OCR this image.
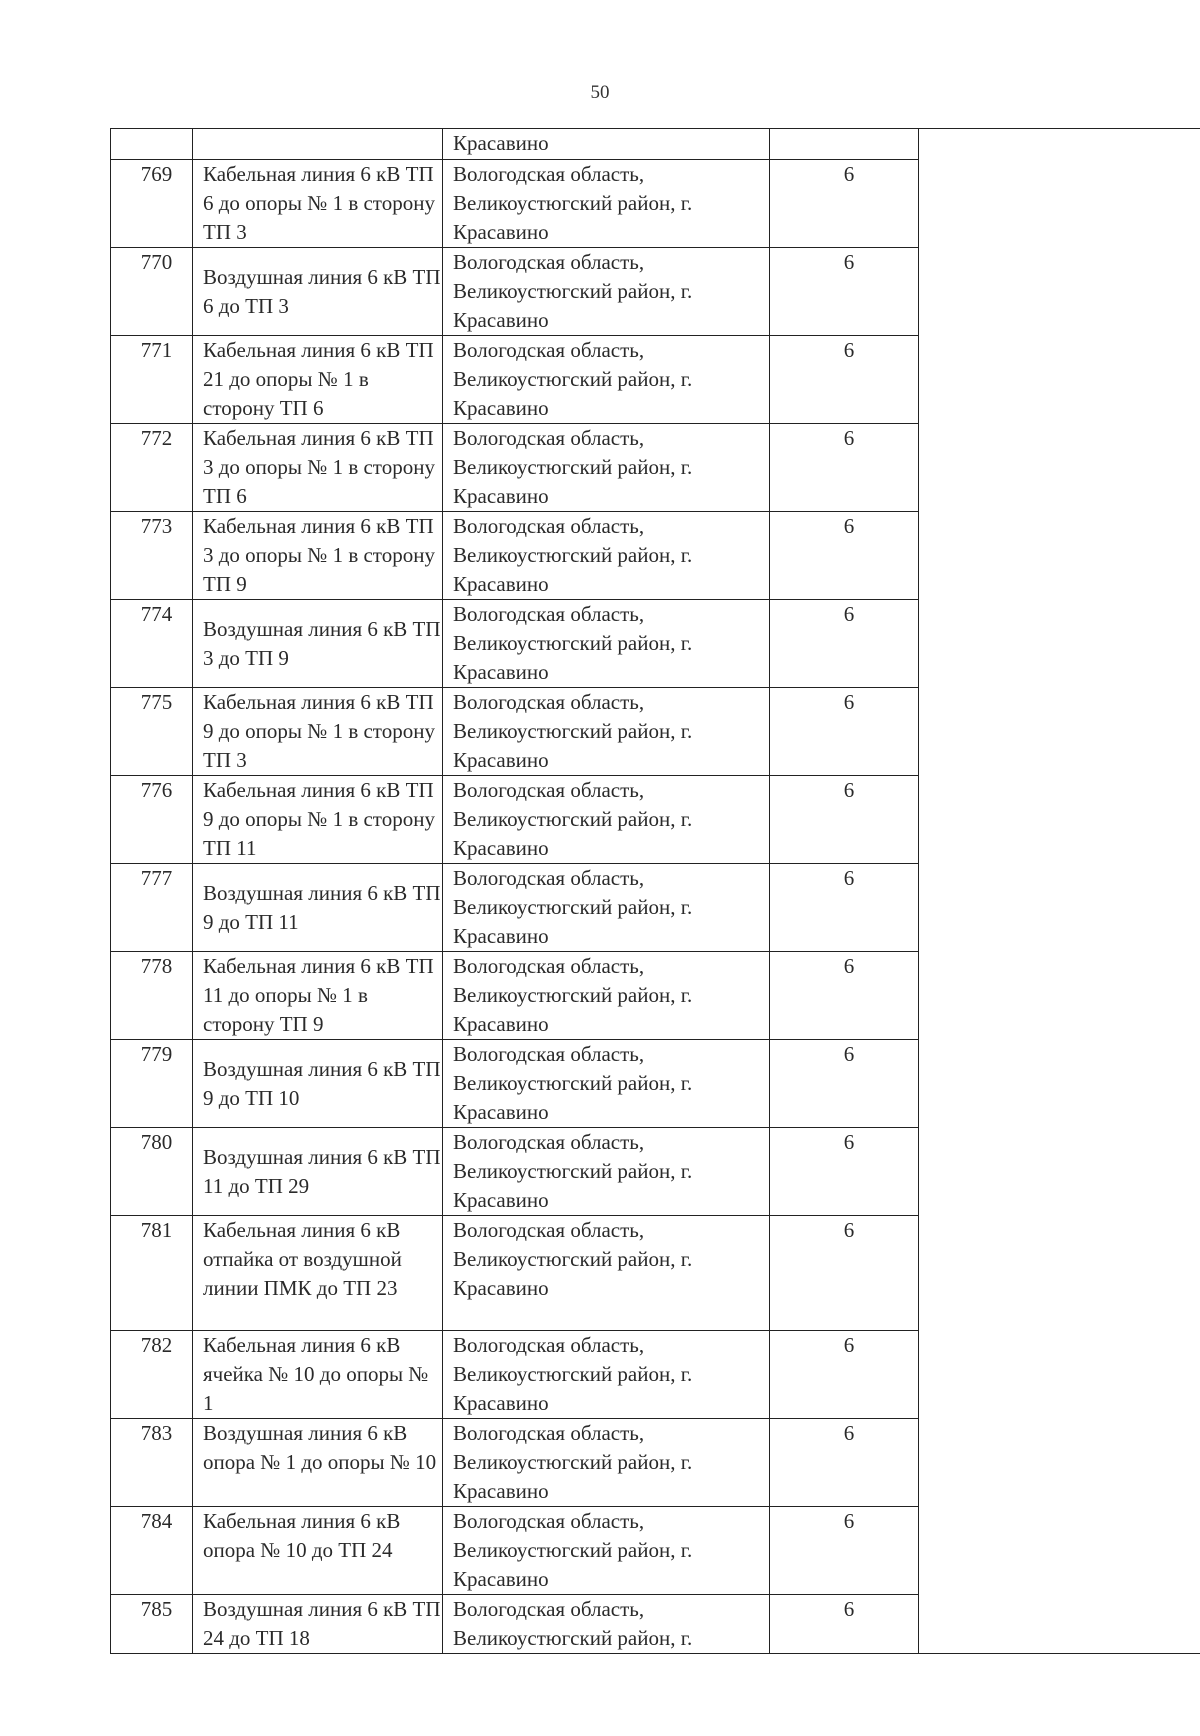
50
		Красавино		
769	Кабельная линия 6 кВ ТП 6 до опоры № 1 в сторону ТП 3	Вологодская область, Великоустюгский район, г. Красавино	6	
770	Воздушная линия 6 кВ ТП 6 до ТП 3	Вологодская область, Великоустюгский район, г. Красавино	6	
771	Кабельная линия 6 кВ ТП 21 до опоры № 1 в сторону ТП 6	Вологодская область, Великоустюгский район, г. Красавино	6	
772	Кабельная линия 6 кВ ТП 3 до опоры № 1 в сторону ТП 6	Вологодская область, Великоустюгский район, г. Красавино	6	
773	Кабельная линия 6 кВ ТП 3 до опоры № 1 в сторону ТП 9	Вологодская область, Великоустюгский район, г. Красавино	6	
774	Воздушная линия 6 кВ ТП 3 до ТП 9	Вологодская область, Великоустюгский район, г. Красавино	6	
775	Кабельная линия 6 кВ ТП 9 до опоры № 1 в сторону ТП 3	Вологодская область, Великоустюгский район, г. Красавино	6	
776	Кабельная линия 6 кВ ТП 9 до опоры № 1 в сторону ТП 11	Вологодская область, Великоустюгский район, г. Красавино	6	
777	Воздушная линия 6 кВ ТП 9 до ТП 11	Вологодская область, Великоустюгский район, г. Красавино	6	
778	Кабельная линия 6 кВ ТП 11 до опоры № 1 в сторону ТП 9	Вологодская область, Великоустюгский район, г. Красавино	6	
779	Воздушная линия 6 кВ ТП 9 до ТП 10	Вологодская область, Великоустюгский район, г. Красавино	6	
780	Воздушная линия 6 кВ ТП 11 до ТП 29	Вологодская область, Великоустюгский район, г. Красавино	6	
781	Кабельная линия 6 кВ отпайка от воздушной линии ПМК до ТП 23	Вологодская область, Великоустюгский район, г. Красавино	6	
782	Кабельная линия 6 кВ ячейка № 10 до опоры № 1	Вологодская область, Великоустюгский район, г. Красавино	6	
783	Воздушная линия 6 кВ опора № 1 до опоры № 10	Вологодская область, Великоустюгский район, г. Красавино	6	
784	Кабельная линия 6 кВ опора № 10 до ТП 24	Вологодская область, Великоустюгский район, г. Красавино	6	
785	Воздушная линия 6 кВ ТП 24 до ТП 18	Вологодская область, Великоустюгский район, г.	6	
